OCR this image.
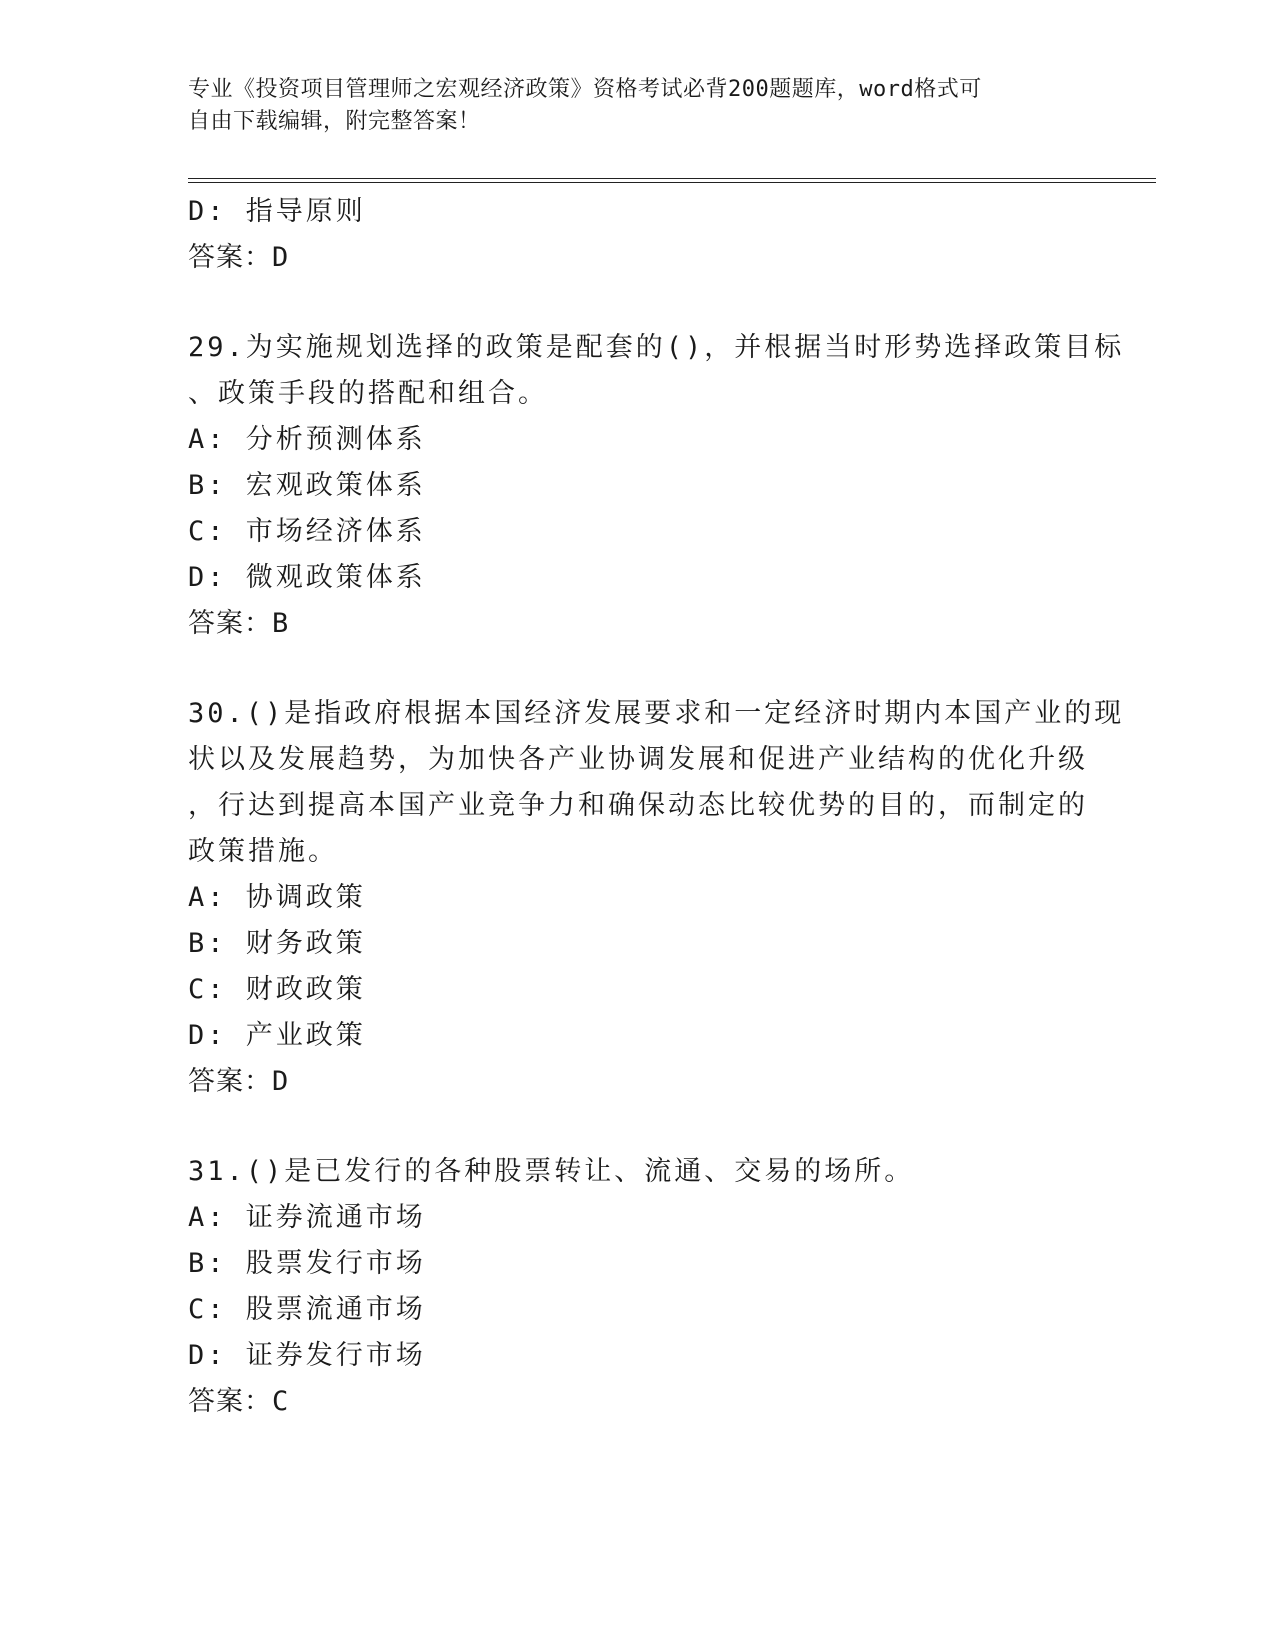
专业《投资项目管理师之宏观经济政策》资格考试必背200题题库，word格式可
自由下载编辑，附完整答案！
D: 指导原则
答案：D
29.为实施规划选择的政策是配套的()，并根据当时形势选择政策目标
、政策手段的搭配和组合。
A: 分析预测体系
B: 宏观政策体系
C: 市场经济体系
D: 微观政策体系
答案：B
30.()是指政府根据本国经济发展要求和一定经济时期内本国产业的现
状以及发展趋势，为加快各产业协调发展和促进产业结构的优化升级
，行达到提高本国产业竞争力和确保动态比较优势的目的，而制定的
政策措施。
A: 协调政策
B: 财务政策
C: 财政政策
D: 产业政策
答案：D
31.()是已发行的各种股票转让、流通、交易的场所。
A: 证券流通市场
B: 股票发行市场
C: 股票流通市场
D: 证券发行市场
答案：C
